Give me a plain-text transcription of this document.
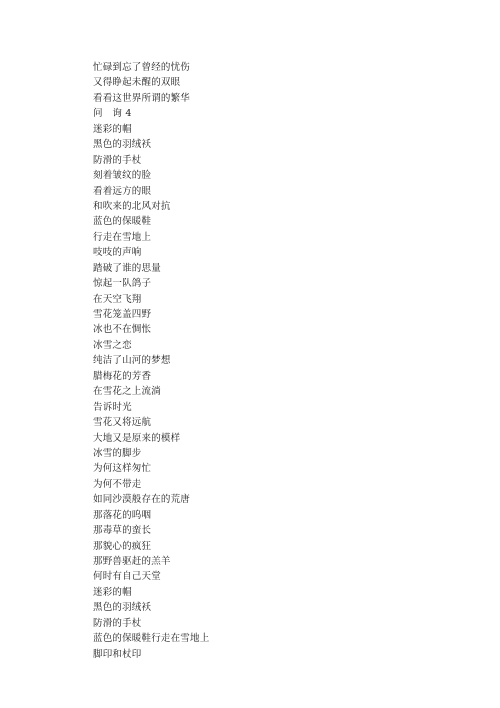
忙碌到忘了曾经的忧伤
又得睁起未醒的双眼
看看这世界所谓的繁华
问　询 4
迷彩的帽
黑色的羽绒袄
防滑的手杖
刻着皱纹的脸
看着远方的眼
和吹来的北风对抗
蓝色的保暖鞋
行走在雪地上
吱吱的声响
踏破了谁的思量
惊起一队鸽子
在天空飞翔
雪花笼盖四野
冰也不在惆怅
冰雪之恋
纯洁了山河的梦想
腊梅花的芳香
在雪花之上流淌
告诉时光
雪花又将远航
大地又是原来的模样
冰雪的脚步
为何这样匆忙
为何不带走
如同沙漠般存在的荒唐
那落花的呜咽
那毒草的蛮长
那貌心的疯狂
那野兽驱赶的羔羊
何时有自己天堂
迷彩的帽
黑色的羽绒袄
防滑的手杖
蓝色的保暖鞋行走在雪地上
脚印和杖印
